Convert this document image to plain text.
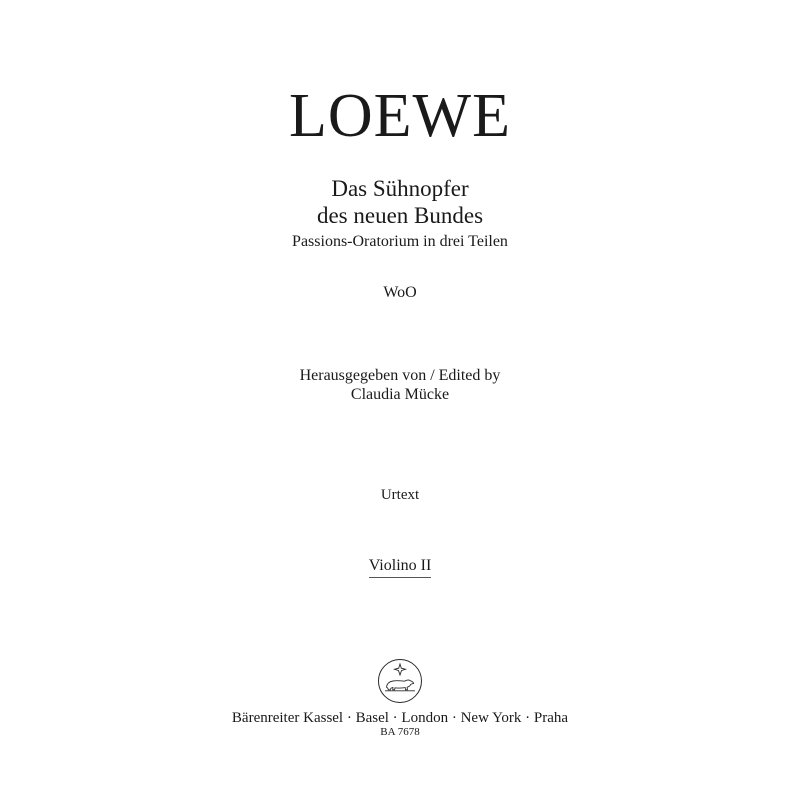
LOEWE
Das Sühnopfer
des neuen Bundes
Passions-Oratorium in drei Teilen
WoO
Herausgegeben von / Edited by
Claudia Mücke
Urtext
Violino II
Bärenreiter Kassel · Basel · London · New York · Praha
BA 7678
